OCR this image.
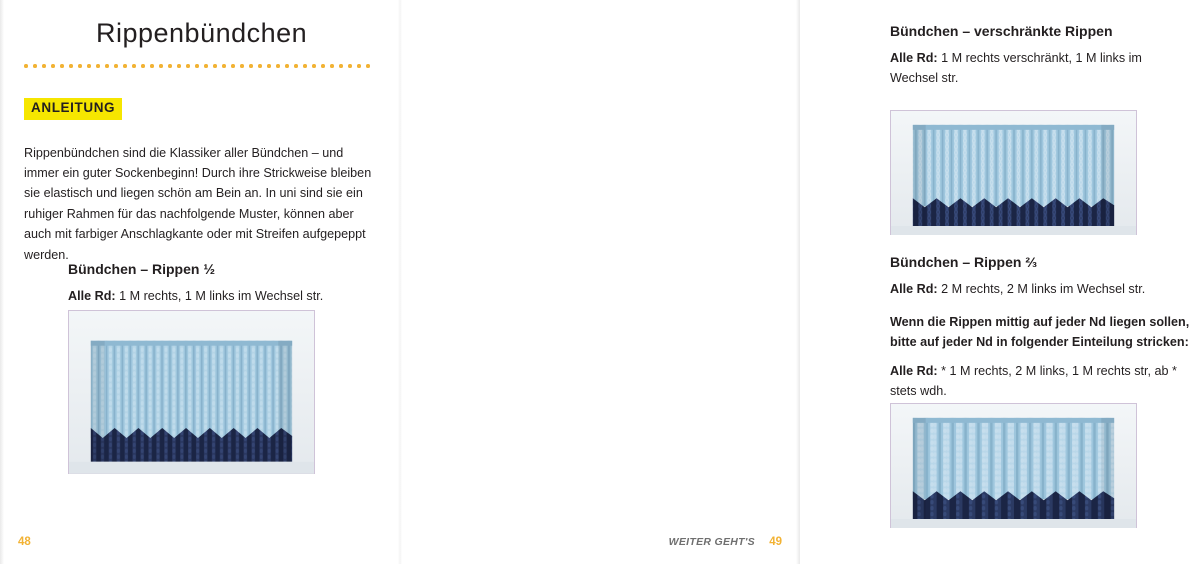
Rippenbündchen
ANLEITUNG

Rippenbündchen sind die Klassiker aller Bündchen – und immer ein guter Sockenbeginn! Durch ihre Strickweise bleiben sie elastisch und liegen schön am Bein an. In uni sind sie ein ruhiger Rahmen für das nachfolgende Muster, können aber auch mit farbiger Anschlagkante oder mit Streifen aufgepeppt werden.

Bündchen – Rippen ½
Alle Rd: 1 M rechts, 1 M links im Wechsel str.
48
Bündchen – verschränkte Rippen
Alle Rd: 1 M rechts verschränkt, 1 M links im Wechsel str.
Bündchen – Rippen ⅔
Alle Rd: 2 M rechts, 2 M links im Wechsel str.
Wenn die Rippen mittig auf jeder Nd liegen sollen, bitte auf jeder Nd in folgender Einteilung stricken:
Alle Rd: * 1 M rechts, 2 M links, 1 M rechts str, ab * stets wdh.
WEITER GEHT'S 49
